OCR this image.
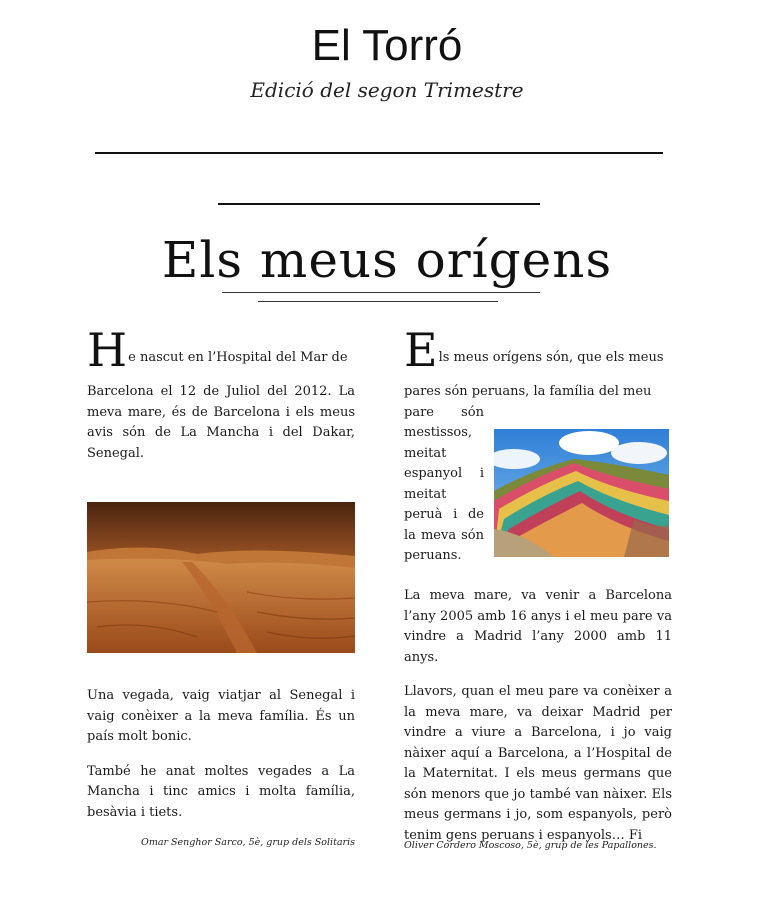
El Torró
Edició del segon Trimestre
Els meus orígens
H e nascut en l’Hospital del Mar de

Barcelona el 12 de Juliol del 2012. La meva mare, és de Barcelona i els meus avis són de La Mancha i del Dakar, Senegal.

Una vegada, vaig viatjar al Senegal i vaig conèixer a la meva família. És un país molt bonic.

També he anat moltes vegades a La Mancha i tinc amics i molta família, besàvia i tiets.

Omar Senghor Sarco, 5è, grup dels Solitaris
E ls meus orígens són, que els meus
pares són peruans, la família del meu
pare són mestissos, meitat espanyol i meitat peruà i de la meva són peruans.

La meva mare, va venir a Barcelona l’any 2005 amb 16 anys i el meu pare va vindre a Madrid l’any 2000 amb 11 anys.

Llavors, quan el meu pare va conèixer a la meva mare, va deixar Madrid per vindre a viure a Barcelona, i jo vaig nàixer aquí a Barcelona, a l’Hospital de la Maternitat. I els meus germans que són menors que jo també van nàixer. Els meus germans i jo, som espanyols, però tenim gens peruans i espanyols… Fi

Oliver Cordero Moscoso, 5è, grup de les Papallones.
